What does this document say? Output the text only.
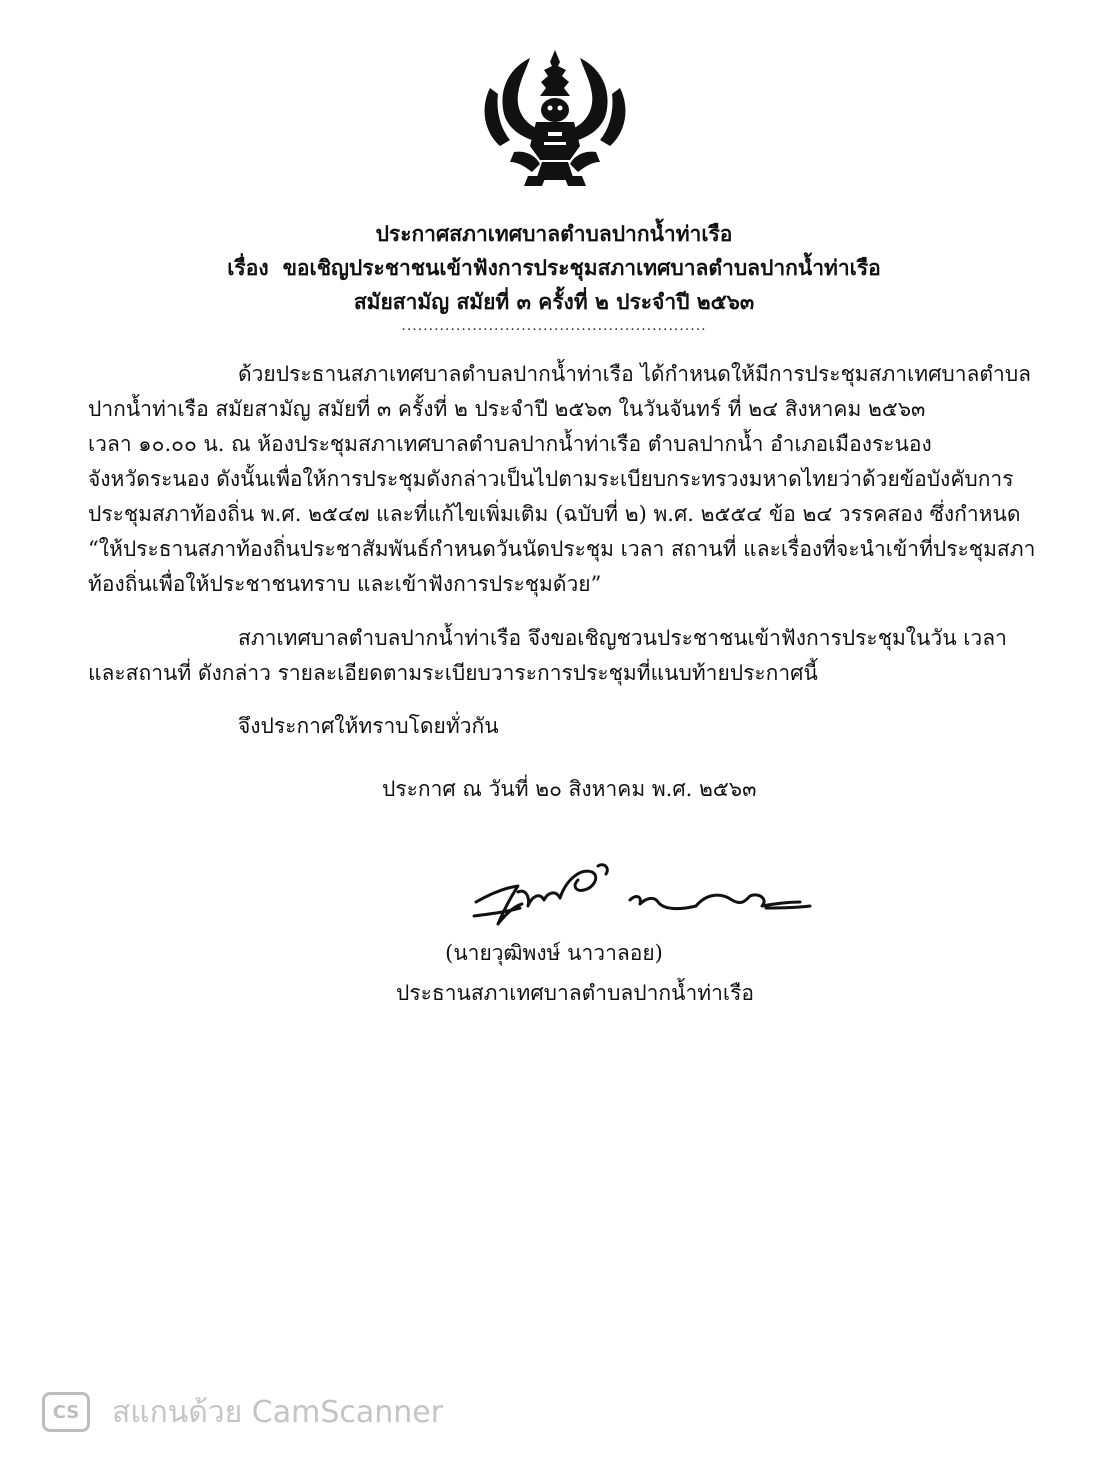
ประกาศสภาเทศบาลตำบลปากน้ำท่าเรือ
เรื่อง ขอเชิญประชาชนเข้าฟังการประชุมสภาเทศบาลตำบลปากน้ำท่าเรือ
สมัยสามัญ สมัยที่ ๓ ครั้งที่ ๒ ประจำปี ๒๕๖๓
........................................................
ด้วยประธานสภาเทศบาลตำบลปากน้ำท่าเรือ ได้กำหนดให้มีการประชุมสภาเทศบาลตำบล
ปากน้ำท่าเรือ สมัยสามัญ สมัยที่ ๓ ครั้งที่ ๒ ประจำปี ๒๕๖๓ ในวันจันทร์ ที่ ๒๔ สิงหาคม ๒๕๖๓
เวลา ๑๐.๐๐ น. ณ ห้องประชุมสภาเทศบาลตำบลปากน้ำท่าเรือ ตำบลปากน้ำ อำเภอเมืองระนอง
จังหวัดระนอง ดังนั้นเพื่อให้การประชุมดังกล่าวเป็นไปตามระเบียบกระทรวงมหาดไทยว่าด้วยข้อบังคับการ
ประชุมสภาท้องถิ่น พ.ศ. ๒๕๔๗ และที่แก้ไขเพิ่มเติม (ฉบับที่ ๒) พ.ศ. ๒๕๕๔ ข้อ ๒๔ วรรคสอง ซึ่งกำหนด
“ให้ประธานสภาท้องถิ่นประชาสัมพันธ์กำหนดวันนัดประชุม เวลา สถานที่ และเรื่องที่จะนำเข้าที่ประชุมสภา
ท้องถิ่นเพื่อให้ประชาชนทราบ และเข้าฟังการประชุมด้วย”
สภาเทศบาลตำบลปากน้ำท่าเรือ จึงขอเชิญชวนประชาชนเข้าฟังการประชุมในวัน เวลา
และสถานที่ ดังกล่าว รายละเอียดตามระเบียบวาระการประชุมที่แนบท้ายประกาศนี้
จึงประกาศให้ทราบโดยทั่วกัน
ประกาศ ณ วันที่ ๒๐ สิงหาคม พ.ศ. ๒๕๖๓
(นายวุฒิพงษ์ นาวาลอย)
ประธานสภาเทศบาลตำบลปากน้ำท่าเรือ
CS	สแกนด้วย CamScanner
